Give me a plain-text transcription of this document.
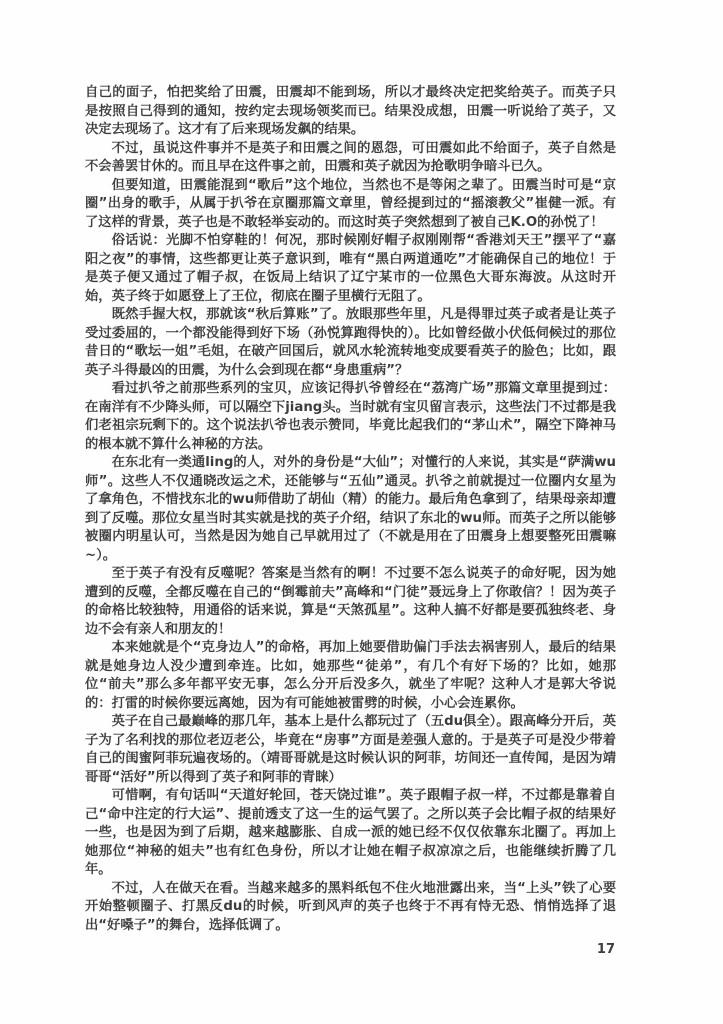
自己的面子，怕把奖给了田震，田震却不能到场，所以才最终决定把奖给英子。而英子只是按照自己得到的通知，按约定去现场领奖而已。结果没成想，田震一听说给了英子，又决定去现场了。这才有了后来现场发飙的结果。

不过，虽说这件事并不是英子和田震之间的恩怨，可田震如此不给面子，英子自然是不会善罢甘休的。而且早在这件事之前，田震和英子就因为抢歌明争暗斗已久。

但要知道，田震能混到“歌后”这个地位，当然也不是等闲之辈了。田震当时可是“京圈”出身的歌手，从属于扒爷在京圈那篇文章里，曾经提到过的“摇滚教父”崔健一派。有了这样的背景，英子也是不敢轻举妄动的。而这时英子突然想到了被自己K.O的孙悦了！

俗话说：光脚不怕穿鞋的！何况，那时候刚好帽子叔刚刚帮“香港刘天王”摆平了“嘉阳之夜”的事情，这些都更让英子意识到，唯有“黑白两道通吃”才能确保自己的地位！于是英子便又通过了帽子叔，在饭局上结识了辽宁某市的一位黑色大哥东海波。从这时开始，英子终于如愿登上了王位，彻底在圈子里横行无阻了。

既然手握大权，那就该“秋后算账”了。放眼那些年里，凡是得罪过英子或者是让英子受过委屈的，一个都没能得到好下场（孙悦算跑得快的）。比如曾经做小伏低伺候过的那位昔日的“歌坛一姐”毛姐，在破产回国后，就风水轮流转地变成要看英子的脸色；比如，跟英子斗得最凶的田震，为什么会到现在都“身患重病”？

看过扒爷之前那些系列的宝贝，应该记得扒爷曾经在“荔湾广场”那篇文章里提到过：在南洋有不少降头师，可以隔空下jiang头。当时就有宝贝留言表示，这些法门不过都是我们老祖宗玩剩下的。这个说法扒爷也表示赞同，毕竟比起我们的“茅山术”，隔空下降神马的根本就不算什么神秘的方法。

在东北有一类通ling的人，对外的身份是“大仙”；对懂行的人来说，其实是“萨满wu师”。这些人不仅通晓改运之术，还能够与“五仙”通灵。扒爷之前就提过一位圈内女星为了拿角色，不惜找东北的wu师借助了胡仙（精）的能力。最后角色拿到了，结果母亲却遭到了反噬。那位女星当时其实就是找的英子介绍，结识了东北的wu师。而英子之所以能够被圈内明星认可，当然是因为她自己早就用过了（不就是用在了田震身上想要整死田震嘛~）。

至于英子有没有反噬呢？答案是当然有的啊！不过要不怎么说英子的命好呢，因为她遭到的反噬，全都反噬在自己的“倒霉前夫”高峰和“门徒”聂远身上了你敢信？！因为英子的命格比较独特，用通俗的话来说，算是“天煞孤星”。这种人搞不好都是要孤独终老、身边不会有亲人和朋友的！

本来她就是个“克身边人”的命格，再加上她要借助偏门手法去祸害别人，最后的结果就是她身边人没少遭到牵连。比如，她那些“徒弟”，有几个有好下场的？比如，她那位“前夫”那么多年都平安无事，怎么分开后没多久，就坐了牢呢？这种人才是郭大爷说的：打雷的时候你要远离她，因为有可能她被雷劈的时候，小心会连累你。

英子在自己最巅峰的那几年，基本上是什么都玩过了（五du俱全）。跟高峰分开后，英子为了名利找的那位老迈老公，毕竟在“房事”方面是差强人意的。于是英子可是没少带着自己的闺蜜阿菲玩遍夜场的。（靖哥哥就是这时候认识的阿菲，坊间还一直传闻，是因为靖哥哥“活好”所以得到了英子和阿菲的青睐）

可惜啊，有句话叫“天道好轮回，苍天饶过谁”。英子跟帽子叔一样，不过都是靠着自己“命中注定的行大运”、提前透支了这一生的运气罢了。之所以英子会比帽子叔的结果好一些，也是因为到了后期，越来越膨胀、自成一派的她已经不仅仅依靠东北圈了。再加上她那位“神秘的姐夫”也有红色身份，所以才让她在帽子叔凉凉之后，也能继续折腾了几年。

不过，人在做天在看。当越来越多的黑料纸包不住火地泄露出来，当“上头”铁了心要开始整顿圈子、打黑反du的时候，听到风声的英子也终于不再有恃无恐、悄悄选择了退出“好嗓子”的舞台，选择低调了。

17
